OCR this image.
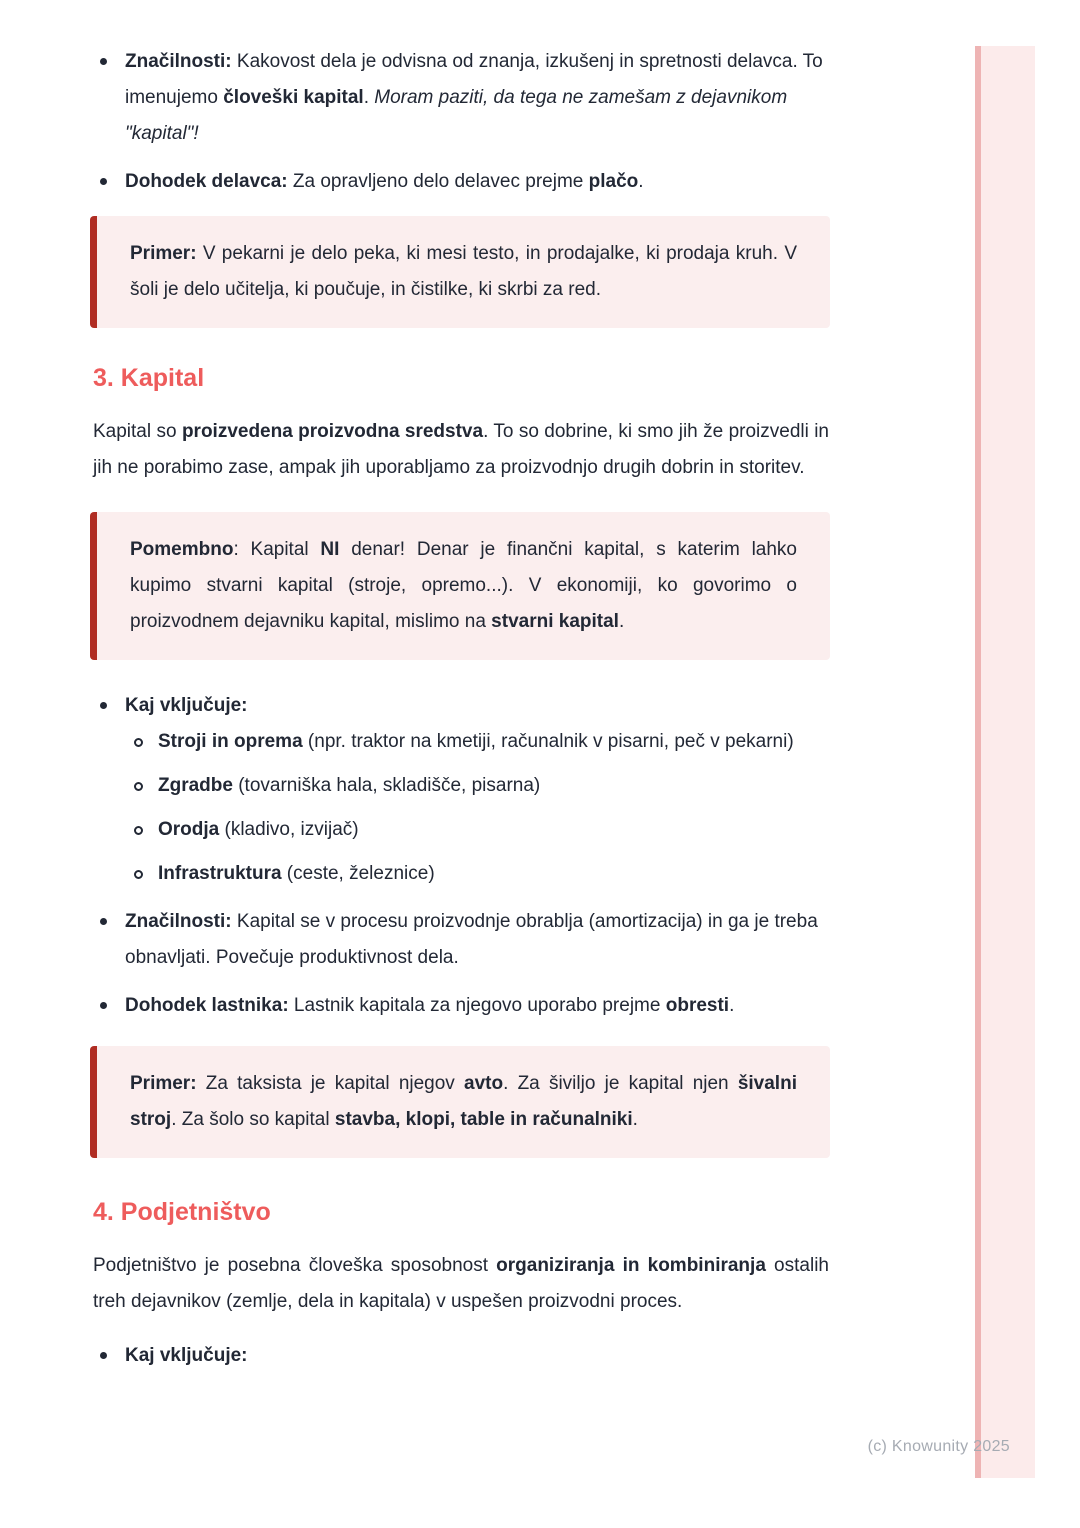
Značilnosti: Kakovost dela je odvisna od znanja, izkušenj in spretnosti delavca. To imenujemo človeški kapital. Moram paziti, da tega ne zamešam z dejavnikom "kapital"!
Dohodek delavca: Za opravljeno delo delavec prejme plačo.

Primer: V pekarni je delo peka, ki mesi testo, in prodajalke, ki prodaja kruh. V šoli je delo učitelja, ki poučuje, in čistilke, ki skrbi za red.

3. Kapital

Kapital so proizvedena proizvodna sredstva. To so dobrine, ki smo jih že proizvedli in jih ne porabimo zase, ampak jih uporabljamo za proizvodnjo drugih dobrin in storitev.

Pomembno: Kapital NI denar! Denar je finančni kapital, s katerim lahko kupimo stvarni kapital (stroje, opremo...). V ekonomiji, ko govorimo o proizvodnem dejavniku kapital, mislimo na stvarni kapital.

Kaj vključuje:
Stroji in oprema (npr. traktor na kmetiji, računalnik v pisarni, peč v pekarni)
Zgradbe (tovarniška hala, skladišče, pisarna)
Orodja (kladivo, izvijač)
Infrastruktura (ceste, železnice)
Značilnosti: Kapital se v procesu proizvodnje obrablja (amortizacija) in ga je treba obnavljati. Povečuje produktivnost dela.
Dohodek lastnika: Lastnik kapitala za njegovo uporabo prejme obresti.

Primer: Za taksista je kapital njegov avto. Za šiviljo je kapital njen šivalni stroj. Za šolo so kapital stavba, klopi, table in računalniki.

4. Podjetništvo

Podjetništvo je posebna človeška sposobnost organiziranja in kombiniranja ostalih treh dejavnikov (zemlje, dela in kapitala) v uspešen proizvodni proces.

Kaj vključuje:
(c) Knowunity 2025
